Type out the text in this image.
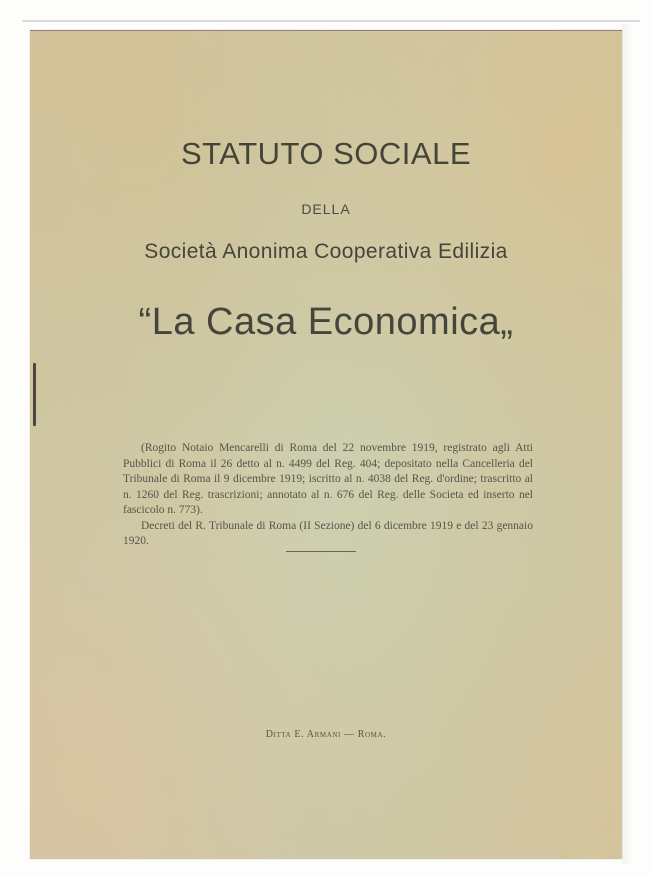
STATUTO SOCIALE
DELLA
Società Anonima Cooperativa Edilizia
“La Casa Economica„

(Rogito Notaio Mencarelli di Roma del 22 novembre 1919, registrato agli Atti Pubblici di Roma il 26 detto al n. 4499 del Reg. 404; depositato nella Cancelleria del Tribunale di Roma il 9 dicembre 1919; iscritto al n. 4038 del Reg. d'ordine; trascritto al n. 1260 del Reg. trascrizioni; annotato al n. 676 del Reg. delle Societa ed inserto nel fascicolo n. 773).

Decreti del R. Tribunale di Roma (II Sezione) del 6 dicembre 1919 e del 23 gennaio 1920.

Ditta E. Armani — Roma.
